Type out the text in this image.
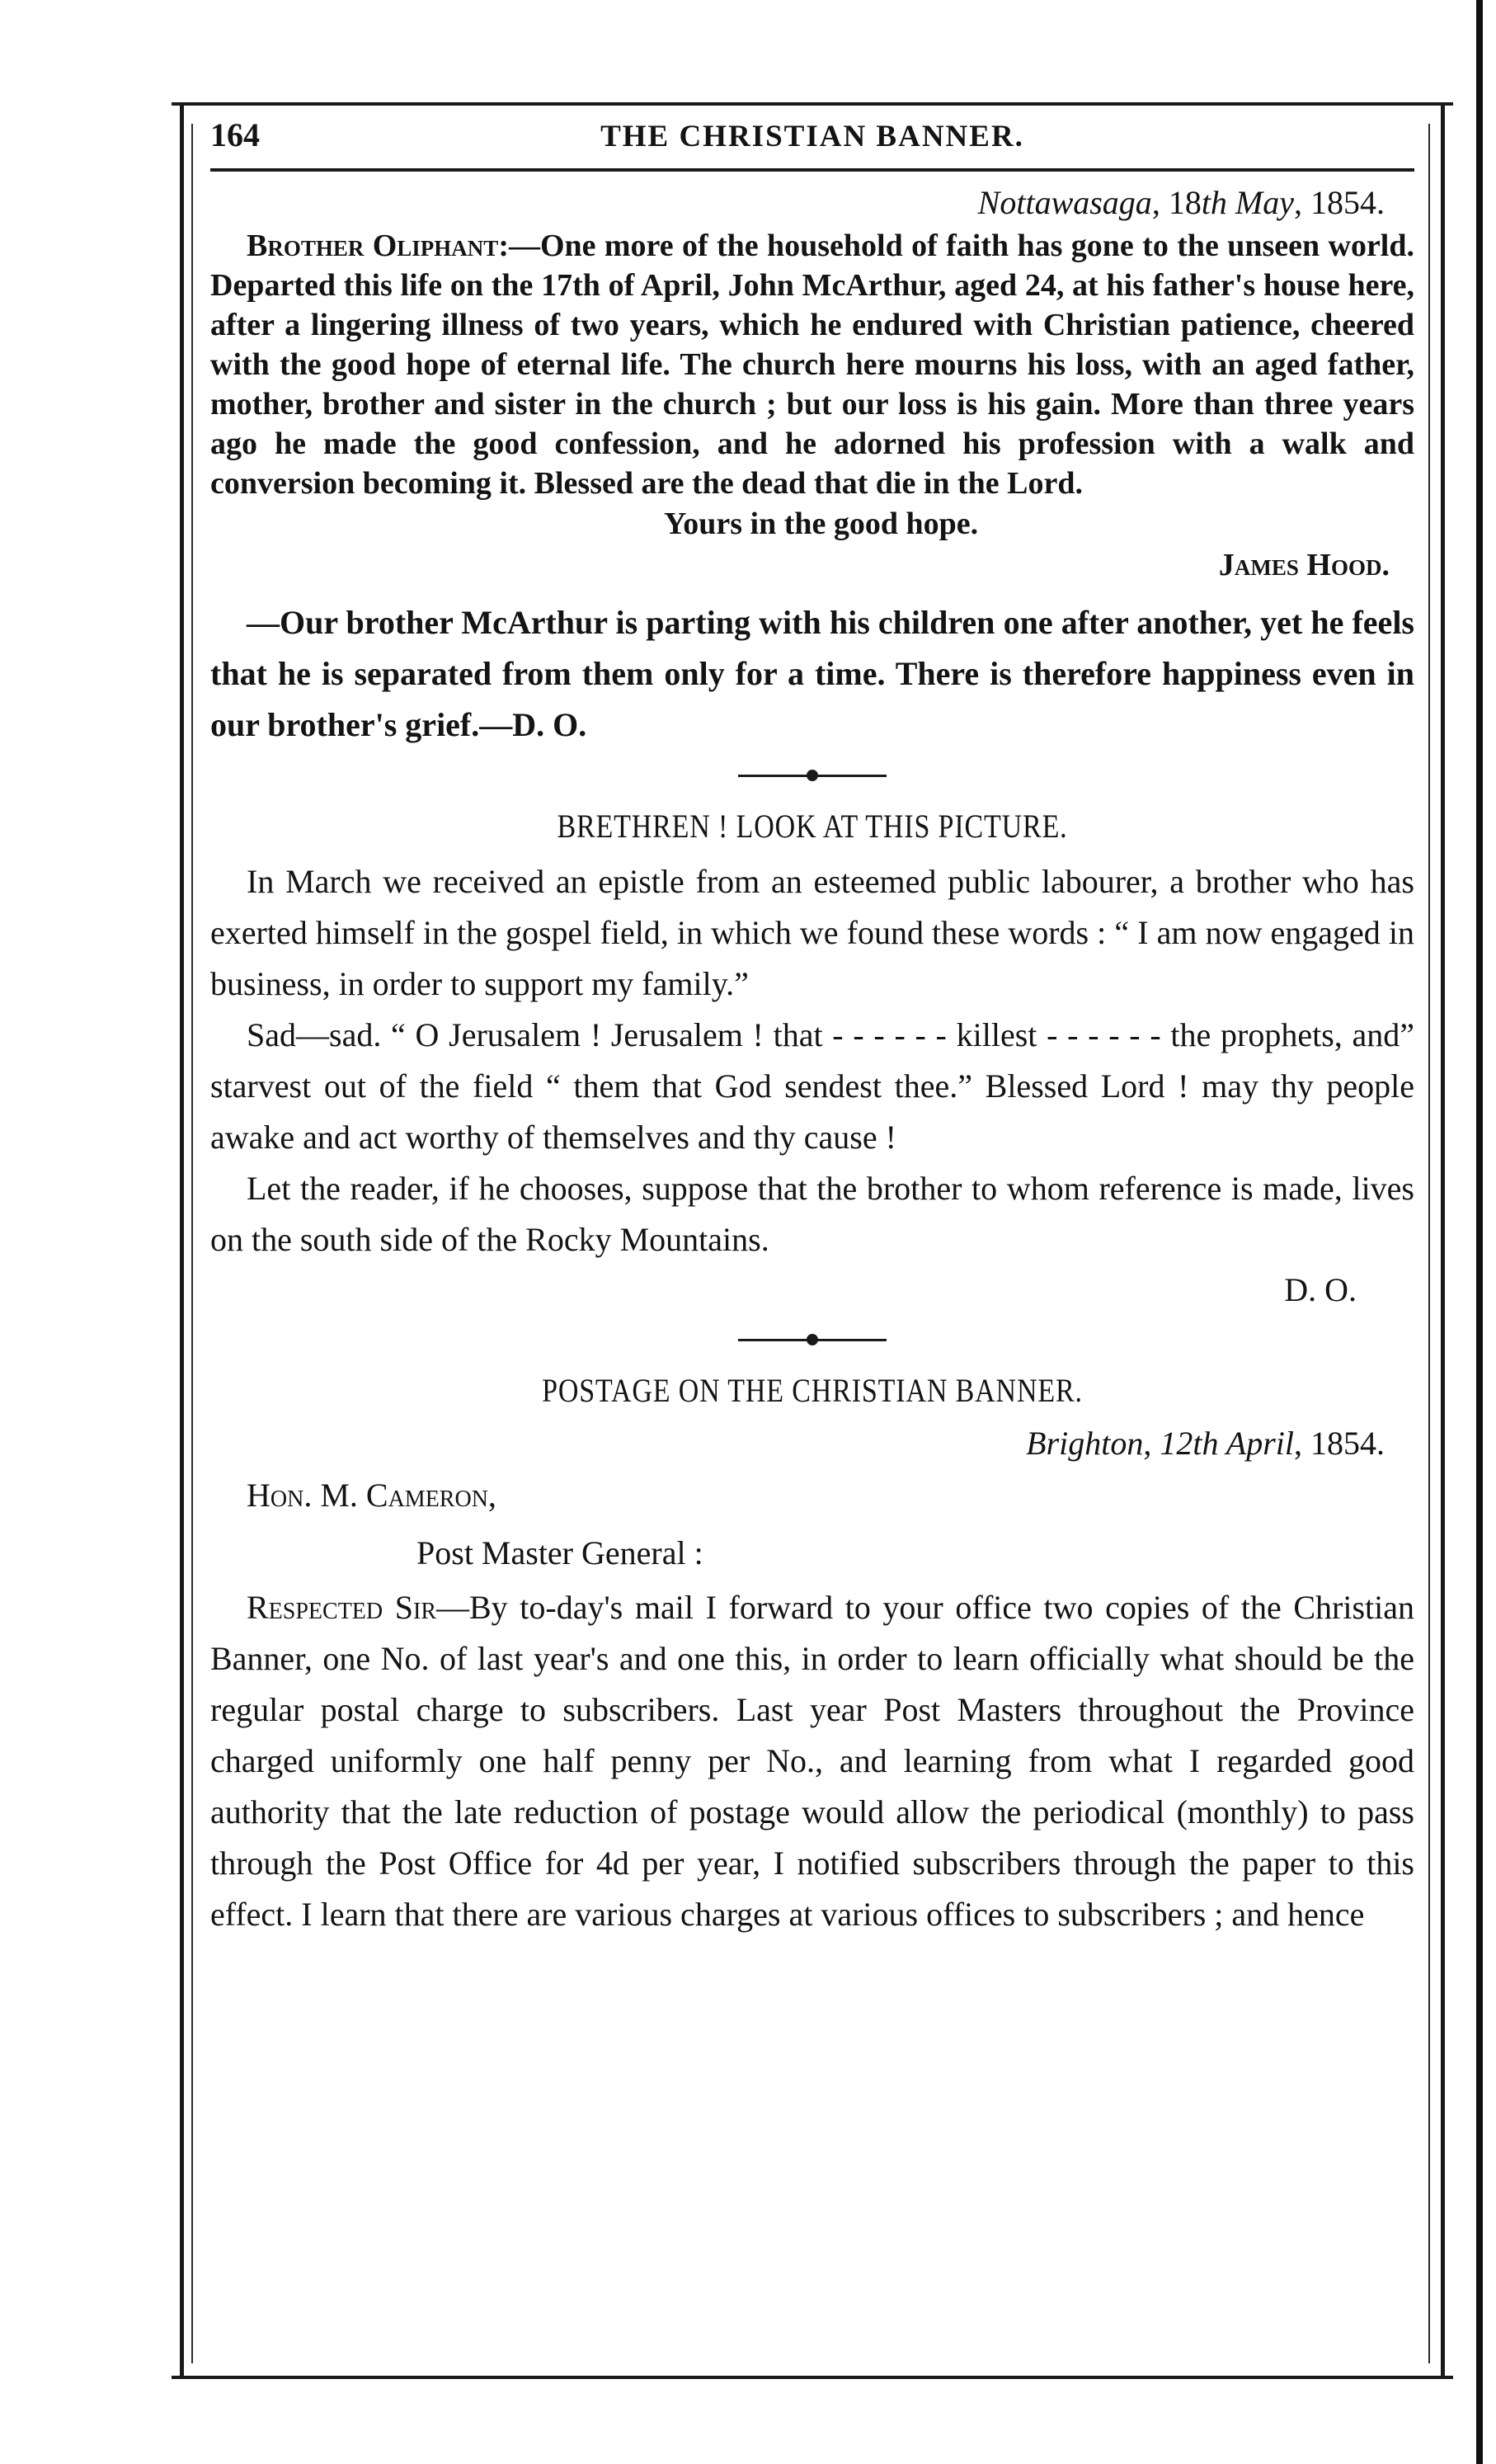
164	THE CHRISTIAN BANNER.
Nottawasaga, 18th May, 1854.

Brother Oliphant:—One more of the household of faith has gone to the unseen world. Departed this life on the 17th of April, John McArthur, aged 24, at his father's house here, after a lingering illness of two years, which he endured with Christian patience, cheered with the good hope of eternal life. The church here mourns his loss, with an aged father, mother, brother and sister in the church ; but our loss is his gain. More than three years ago he made the good confession, and he adorned his profession with a walk and conversion becoming it. Blessed are the dead that die in the Lord.

Yours in the good hope.
James Hood.

—Our brother McArthur is parting with his children one after another, yet he feels that he is separated from them only for a time. There is therefore happiness even in our brother's grief.—D. O.

BRETHREN ! LOOK AT THIS PICTURE.

In March we received an epistle from an esteemed public labourer, a brother who has exerted himself in the gospel field, in which we found these words : “ I am now engaged in business, in order to support my family.”

Sad—sad. “ O Jerusalem ! Jerusalem ! that - - - - - - killest - - - - - - the prophets, and” starvest out of the field “ them that God sendest thee.” Blessed Lord ! may thy people awake and act worthy of themselves and thy cause !

Let the reader, if he chooses, suppose that the brother to whom reference is made, lives on the south side of the Rocky Mountains.

D. O.
POSTAGE ON THE CHRISTIAN BANNER.
Brighton, 12th April, 1854.
Hon. M. Cameron,
Post Master General :

Respected Sir—By to-day's mail I forward to your office two copies of the Christian Banner, one No. of last year's and one this, in order to learn officially what should be the regular postal charge to subscribers. Last year Post Masters throughout the Province charged uniformly one half penny per No., and learning from what I regarded good authority that the late reduction of postage would allow the periodical (monthly) to pass through the Post Office for 4d per year, I notified subscribers through the paper to this effect. I learn that there are various charges at various offices to subscribers ; and hence
